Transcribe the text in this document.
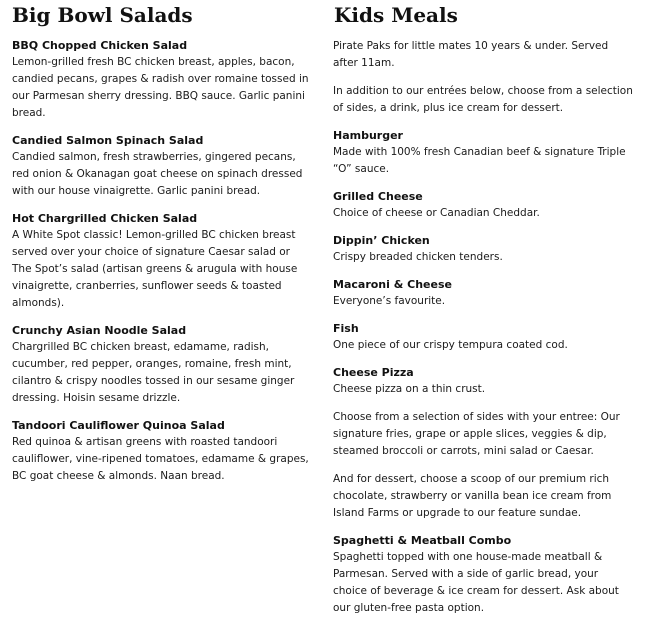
Big Bowl Salads
BBQ Chopped Chicken Salad
Lemon-grilled fresh BC chicken breast, apples, bacon, candied pecans, grapes & radish over romaine tossed in our Parmesan sherry dressing. BBQ sauce. Garlic panini bread.
Candied Salmon Spinach Salad
Candied salmon, fresh strawberries, gingered pecans, red onion & Okanagan goat cheese on spinach dressed with our house vinaigrette. Garlic panini bread.
Hot Chargrilled Chicken Salad
A White Spot classic! Lemon-grilled BC chicken breast served over your choice of signature Caesar salad or The Spot’s salad (artisan greens & arugula with house vinaigrette, cranberries, sunflower seeds & toasted almonds).
Crunchy Asian Noodle Salad
Chargrilled BC chicken breast, edamame, radish, cucumber, red pepper, oranges, romaine, fresh mint, cilantro & crispy noodles tossed in our sesame ginger dressing. Hoisin sesame drizzle.
Tandoori Cauliflower Quinoa Salad
Red quinoa & artisan greens with roasted tandoori cauliflower, vine-ripened tomatoes, edamame & grapes, BC goat cheese & almonds. Naan bread.
Kids Meals
Pirate Paks for little mates 10 years & under. Served after 11am.
In addition to our entrées below, choose from a selection of sides, a drink, plus ice cream for dessert.
Hamburger
Made with 100% fresh Canadian beef & signature Triple “O” sauce.
Grilled Cheese
Choice of cheese or Canadian Cheddar.
Dippin’ Chicken
Crispy breaded chicken tenders.
Macaroni & Cheese
Everyone’s favourite.
Fish
One piece of our crispy tempura coated cod.
Cheese Pizza
Cheese pizza on a thin crust.
Choose from a selection of sides with your entree: Our signature fries, grape or apple slices, veggies & dip, steamed broccoli or carrots, mini salad or Caesar.
And for dessert, choose a scoop of our premium rich chocolate, strawberry or vanilla bean ice cream from Island Farms or upgrade to our feature sundae.
Spaghetti & Meatball Combo
Spaghetti topped with one house-made meatball & Parmesan. Served with a side of garlic bread, your choice of beverage & ice cream for dessert. Ask about our gluten-free pasta option.
